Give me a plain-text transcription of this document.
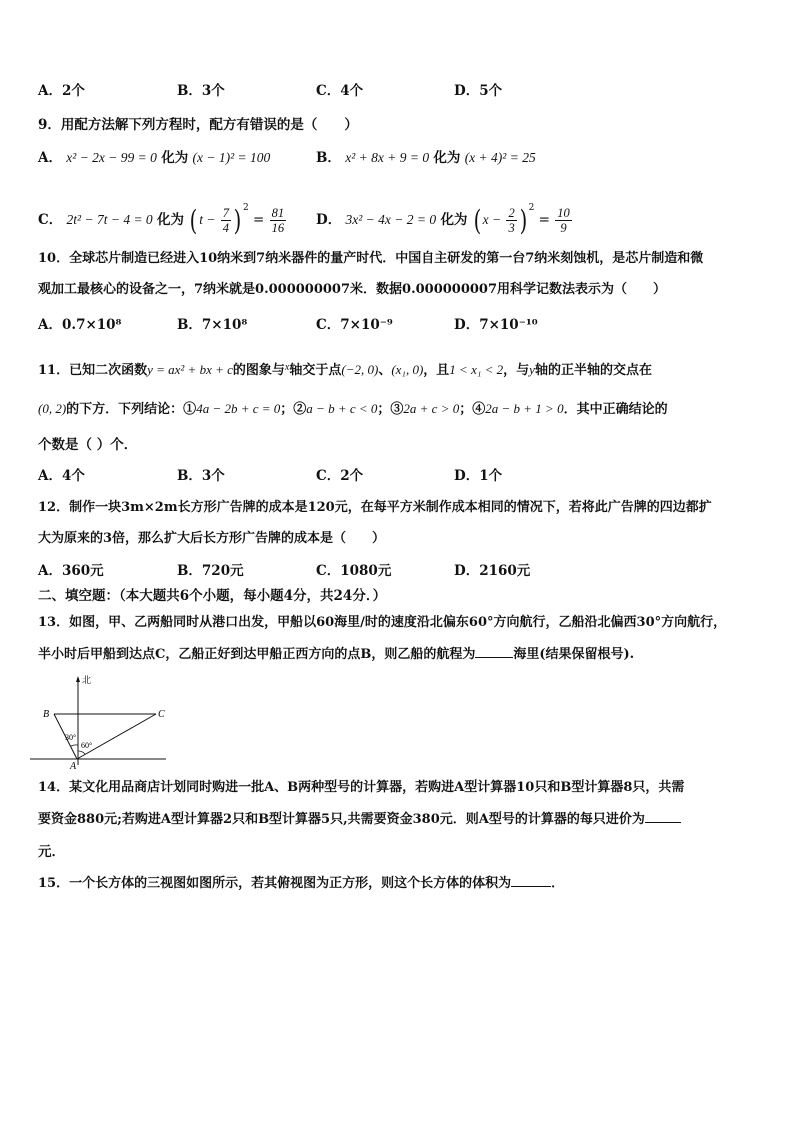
A．2个	B．3个	C．4个	D．5个
9．用配方法解下列方程时，配方有错误的是（　　）
A． x² − 2x − 99 = 0 化为 (x − 1)² = 100	B． x² + 8x + 9 = 0 化为 (x + 4)² = 25
C． 2t² − 7t − 4 = 0 化为 ( $t - \frac{7}{4}$ ) $^2 = \frac{81}{16}$ D． 3x² − 4x − 2 = 0 化为 ( $x - \frac{2}{3}$ ) $^2 = \frac{10}{9}$
10．全球芯片制造已经进入10纳米到7纳米器件的量产时代．中国自主研发的第一台7纳米刻蚀机，是芯片制造和微
观加工最核心的设备之一，7纳米就是0.000000007米．数据0.000000007用科学记数法表示为（　　）
A．0.7×10⁸	B．7×10⁸	C．7×10⁻⁹	D．7×10⁻¹⁰
11．已知二次函数y = ax² + bx + c的图象与$^x$轴交于点(−2, 0)、(x₁, 0)，且1 < x₁ < 2，与y轴的正半轴的交点在
(0, 2)的下方．下列结论：①4a − 2b + c = 0；②a − b + c < 0；③2a + c > 0；④2a − b + 1 > 0．其中正确结论的
个数是（ ）个．
A．4个	B．3个	C．2个	D．1个
12．制作一块3m×2m长方形广告牌的成本是120元，在每平方米制作成本相同的情况下，若将此广告牌的四边都扩
大为原来的3倍，那么扩大后长方形广告牌的成本是（　　）
A．360元	B．720元	C．1080元	D．2160元
二、填空题：（本大题共6个小题，每小题4分，共24分．）
13．如图，甲、乙两船同时从港口出发，甲船以60海里/时的速度沿北偏东60°方向航行，乙船沿北偏西30°方向航行，
半小时后甲船到达点C，乙船正好到达甲船正西方向的点B，则乙船的航程为	海里(结果保留根号).
北
B	C
A
30°
60°
14．某文化用品商店计划同时购进一批A、B两种型号的计算器，若购进A型计算器10只和B型计算器8只，共需
要资金880元;若购进A型计算器2只和B型计算器5只,共需要资金380元．则A型号的计算器的每只进价为
元．
15．一个长方体的三视图如图所示，若其俯视图为正方形，则这个长方体的体积为	．
